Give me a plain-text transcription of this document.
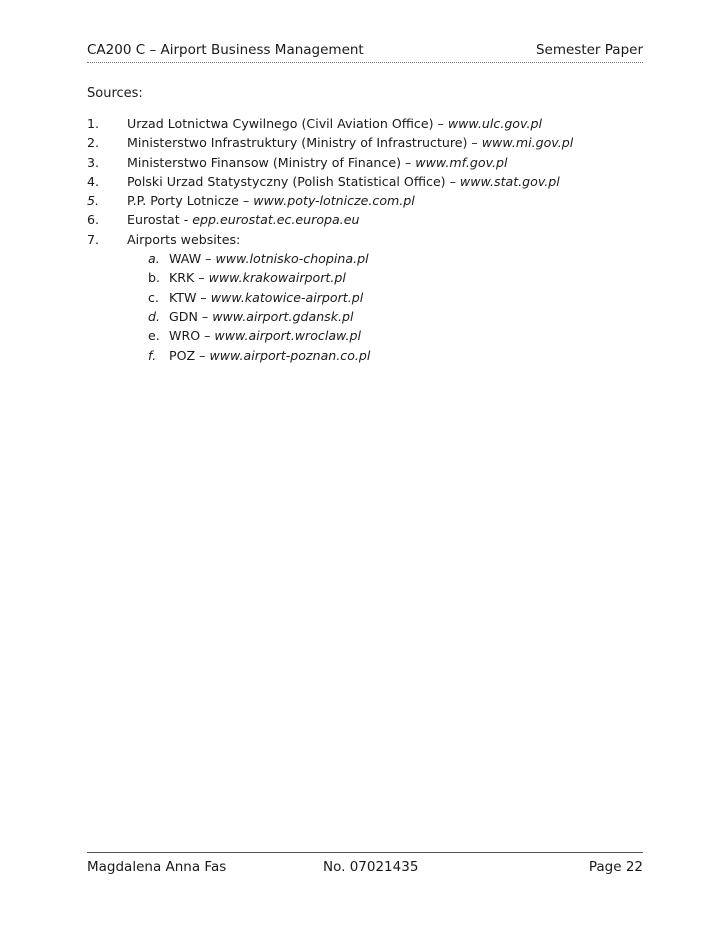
CA200 C – Airport Business Management	Semester Paper
Sources:
1. Urzad Lotnictwa Cywilnego (Civil Aviation Office) – www.ulc.gov.pl
2. Ministerstwo Infrastruktury (Ministry of Infrastructure) – www.mi.gov.pl
3. Ministerstwo Finansow (Ministry of Finance) – www.mf.gov.pl
4. Polski Urzad Statystyczny (Polish Statistical Office) – www.stat.gov.pl
5. P.P. Porty Lotnicze – www.poty-lotnicze.com.pl
6. Eurostat - epp.eurostat.ec.europa.eu
7. Airports websites:
a. WAW – www.lotnisko-chopina.pl
b. KRK – www.krakowairport.pl
c. KTW – www.katowice-airport.pl
d. GDN – www.airport.gdansk.pl
e. WRO – www.airport.wroclaw.pl
f. POZ – www.airport-poznan.co.pl
Magdalena Anna Fas	No. 07021435	Page 22
